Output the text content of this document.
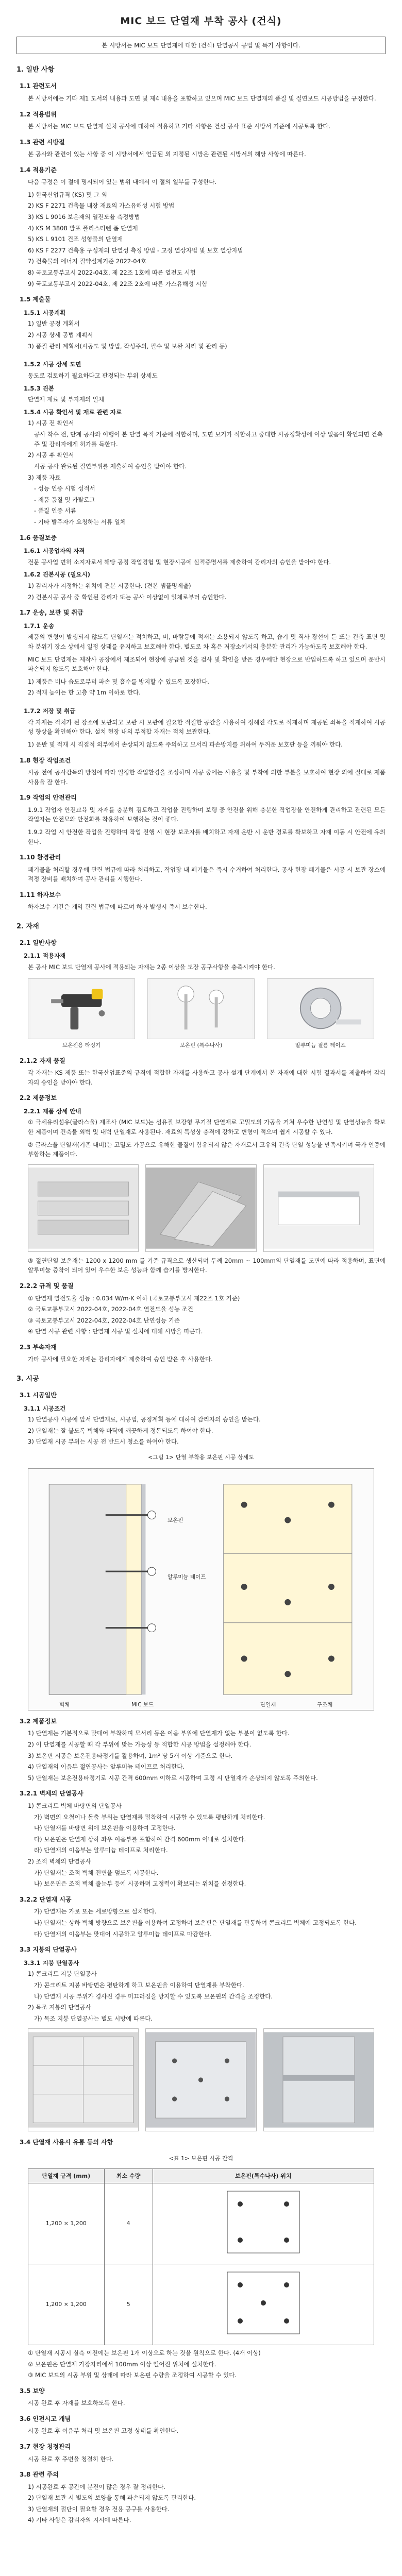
MIC 보드 단열재 부착 공사 (건식)
본 시방서는 MIC 보드 단열재에 대한 (건식) 단열공사 공법 및 특기 사항이다.
1. 일반 사항
1.1 관련도서

본 시방서에는 기타 제1 도서의 내용과 도면 및 제4 내용을 포함하고 있으며 MIC 보드 단열재의 품질 및 절연보드 시공방법을 규정한다.

1.2 적용범위

본 시방서는 MIC 보드 단열재 설치 공사에 대하여 적용하고 기타 사항은 건설 공사 표준 시방서 기준에 시공토록 한다.

1.3 관련 시방절

본 공사와 관련이 있는 사항 중 이 시방서에서 언급된 외 지정된 시방은 관련된 시방서의 해당 사항에 따른다.

1.4 적용기준

다음 규정은 이 절에 명시되어 있는 범위 내에서 이 절의 일부를 구성한다.

1) 한국산업규격 (KS) 및 그 외

2) KS F 2271 건축물 내장 재료의 가스유해성 시험 방법

3) KS L 9016 보온재의 열전도율 측정방법

4) KS M 3808 발포 폴리스티렌 폼 단열재

5) KS L 9101 건조 성형물의 단열재

6) KS F 2277 건축용 구성재의 단열성 측정 방법 - 교정 열상자법 및 보호 열상자법

7) 건축물의 에너지 절약설계기준 2022-04호

8) 국토교통부고시 2022-04호, 제 22조 1호에 따른 열전도 시험

9) 국토교통부고시 2022-04호, 제 22조 2호에 따른 가스유해성 시험

1.5 제출물
1.5.1 시공계획

1) 일반 공정 계획서

2) 시공 상세 공법 계획서

3) 품질 관리 계획서(시공도 및 방법, 작성주의, 필수 및 보완 처리 및 관리 등)

1.5.2 시공 상세 도면

동도로 검토하기 필요하다고 판정되는 부위 상세도

1.5.3 견본

단열재 재료 및 부자재의 일체

1.5.4 시공 확인서 및 재료 관련 자료

1) 시공 전 확인서

공사 착수 전, 단계 공사와 이행이 본 단열 목적 기준에 적합하며, 도면 보기가 적합하고 중대한 시공정확성에 이상 없음이 확인되면 건축주 및 감리자에게 허가를 득한다.

2) 시공 후 확인서

시공 공사 완료된 절연부위를 제출하여 승인을 받아야 한다.

3) 제품 자료

- 성능 인증 시험 성적서

- 제품 품질 및 카탈로그

- 품질 인증 서류

- 기타 발주자가 요청하는 서류 일체

1.6 품질보증
1.6.1 시공업자의 자격

전문 공사업 면허 소지자로서 해당 공정 작업경험 및 현장시공에 실적증명서를 제출하여 감리자의 승인을 받아야 한다.

1.6.2 견본시공 (필요시)

1) 감리자가 지정하는 위치에 견본 시공한다. (견본 샘플명제출)

2) 견본시공 공사 중 확인된 감리자 또는 공사 이상없이 일체로부터 승인한다.

1.7 운송, 보관 및 취급
1.7.1 운송

제품의 변형이 발생되지 않도록 단열재는 적치하고, 비, 바람등에 적재는 소용되지 않도록 하고, 습기 및 직사 광선이 든 또는 건축 표면 및 차 분위기 장소 상에서 일정 상태를 유지하고 보호해야 한다. 별도로 차 혹은 저장소에서의 충분한 관리가 가능하도록 보호해야 한다.

MIC 보드 단열재는 제작사 공장에서 제조되어 현장에 공급된 것을 검사 및 확인을 받은 경우에만 현장으로 반입하도록 하고 있으며 운반시 파손되지 않도록 보호해야 한다.

1) 제품은 비나 습도로부터 파손 및 흡수를 방지할 수 있도록 포장한다.

2) 적재 높이는 한 고층 약 1m 이하로 한다.

1.7.2 저장 및 취급

각 자재는 적치가 된 장소에 보관되고 보관 시 보관에 필요한 적절한 공간을 사용하여 정해진 각도로 적재하며 제공된 쇠목을 적재하여 시공성 향상을 확인해야 한다. 설치 현장 내의 부적합 자재는 적치 보관한다.

1) 운반 및 적재 시 직접적 외부에서 손상되지 않도록 주의하고 모서리 파손방지를 위하여 두꺼운 보호판 등을 끼워야 한다.

1.8 현장 작업조건

시공 전에 공사감독의 방침에 따라 일정한 작업환경을 조성하며 시공 중에는 사용을 및 부착에 의한 부분을 보호하여 현장 외에 절대로 제품 사용을 잘 한다.

1.9 작업의 안전관리

1.9.1 작업자 안전교육 및 자재를 충분히 검토하고 작업을 진행하며 보행 중 안전을 위해 충분한 작업장을 안전하게 관리하고 관련된 모든 작업자는 안전모와 안전화를 착용하여 보행하는 것이 좋다.

1.9.2 작업 시 안전한 작업을 진행하며 작업 진행 시 현장 보조자를 배치하고 자재 운반 시 운반 경로를 확보하고 자재 이동 시 안전에 유의한다.

1.10 환경관리

폐기물을 처리할 경우에 관련 법규에 따라 처리하고, 작업장 내 폐기물은 즉시 수거하여 처리한다. 공사 현장 폐기물은 시공 시 보관 장소에 적정 장비를 배치하여 공사 관리를 시행한다.

1.11 하자보수

하자보수 기간은 계약 관련 법규에 따르며 하자 발생시 즉시 보수한다.

2. 자재
2.1 일반사항
2.1.1 적용자재

본 공사 MIC 보드 단열재 공사에 적용되는 자재는 2종 이상을 도장 공구사항을 충족시켜야 한다.

보온전용 타정기	보온핀 (특수나사)	알루미늄 필름 테이프
2.1.2 자재 품질

각 자재는 KS 제품 또는 한국산업표준의 규격에 적합한 자재를 사용하고 공사 설계 단계에서 본 자재에 대한 시험 결과서를 제출하여 감리자의 승인을 받아야 한다.

2.2 제품정보
2.2.1 제품 상세 안내

① 극세유리섬유(글라스울) 제조사 (MIC 보드)는 섬유질 보강형 무기질 단열재로 고밀도의 가공을 거쳐 우수한 난연성 및 단열성능을 확보한 제품이며 건축물 외벽 및 내벽 단열재로 사용된다. 재료의 특성상 충격에 강하고 변형이 적으며 쉽게 시공할 수 있다.

② 글라스울 단열재(기존 대비)는 고밀도 가공으로 유해한 물질이 함유되지 않은 자재로서 고유의 건축 단열 성능을 만족시키며 국가 인증에 부합하는 제품이다.

③ 절연단열 보온재는 1200 x 1200 mm 를 기준 규격으로 생산되며 두께 20mm ~ 100mm의 단열재를 도면에 따라 적용하며, 표면에 알루미늄 증착이 되어 있어 우수한 보온 성능과 함께 습기를 방지한다.

2.2.2 규격 및 품질

① 단열재 열전도율 성능 : 0.034 W/m·K 이하 (국토교통부고시 제22조 1호 기준)

② 국토교통부고시 2022-04호, 2022-04호 열전도율 성능 조건

③ 국토교통부고시 2022-04호, 2022-04호 난연성능 기준

④ 단열 시공 관련 사항 : 단열재 시공 및 설치에 대해 시방을 따른다.

2.3 부속자재

가타 공사에 필요한 자재는 감리자에게 제출하여 승인 받은 후 사용한다.

3. 시공
3.1 시공일반
3.1.1 시공조건

1) 단열공사 시공에 앞서 단열재료, 시공법, 공정계획 등에 대하여 감리자의 승인을 받는다.

2) 단열재는 잘 붙도록 벽체와 바닥에 깨끗하게 정돈되도록 하여야 한다.

3) 단열재 시공 부위는 시공 전 반드시 청소를 하여야 한다.

<그림 1> 단열 부착용 보온핀 시공 상세도
벽체	MIC 보드
보온핀
알루미늄 테이프
단열재	구조체
3.2 제품정보

1) 단열재는 기본적으로 맞대어 부착하며 모서리 등은 이음 부위에 단열재가 없는 부분이 없도록 한다.

2) 이 단열재를 시공할 때 각 부위에 맞는 가능성 등 적합한 시공 방법을 설정해야 한다.

3) 보온핀 시공은 보온전용타정기를 활용하며, 1m² 당 5개 이상 기준으로 한다.

4) 단열재의 이음부 절연공사는 알루미늄 테이프로 처리한다.

5) 단열재는 보온전용타정기로 시공 간격 600mm 이하로 시공하며 고정 시 단열재가 손상되지 않도록 주의한다.

3.2.1 벽체의 단열공사

1) 콘크리트 벽체 바탕면의 단열공사

가) 벽면의 요철이나 돌출 부위는 단열재를 밀착하여 시공할 수 있도록 평탄하게 처리한다.

나) 단열재를 바탕면 위에 보온핀을 이용하여 고정한다.

다) 보온핀은 단열재 상하 좌우 이음부를 포함하여 간격 600mm 이내로 설치한다.

라) 단열재의 이음부는 알루미늄 테이프로 처리한다.

2) 조적 벽체의 단열공사

가) 단열재는 조적 벽체 전면을 덮도록 시공한다.

나) 보온핀은 조적 벽체 줄눈부 등에 시공하며 고정력이 확보되는 위치를 선정한다.

3.2.2 단열재 시공

가) 단열재는 가로 또는 세로방향으로 설치한다.

나) 단열재는 상하 벽체 방향으로 보온핀을 이용하여 고정하며 보온핀은 단열재를 관통하여 콘크리트 벽체에 고정되도록 한다.

다) 단열재의 이음부는 맞대어 시공하고 알루미늄 테이프로 마감한다.

3.3 지붕의 단열공사
3.3.1 지붕 단열공사

1) 콘크리트 지붕 단열공사

가) 콘크리트 지붕 바탕면은 평탄하게 하고 보온핀을 이용하여 단열재를 부착한다.

나) 단열재 시공 부위가 경사진 경우 미끄러짐을 방지할 수 있도록 보온핀의 간격을 조정한다.

2) 목조 지붕의 단열공사

가) 목조 지붕 단열공사는 별도 시방에 따른다.

3.4 단열재 사용시 유통 등의 사항
<표 1> 보온핀 시공 간격
단열재 규격 (mm)	최소 수량	보온핀(특수나사) 위치
1,200 × 1,200	4	
1,200 × 1,200	5	

① 단열재 시공시 실측 이전에는 보온핀 1개 이상으로 하는 것을 원칙으로 한다. (4개 이상)

② 보온핀은 단열재 가장자리에서 100mm 이상 떨어진 위치에 설치한다.

③ MIC 보드의 시공 부위 및 상태에 따라 보온핀 수량을 조정하여 시공할 수 있다.

3.5 보양

시공 완료 후 자재를 보호하도록 한다.

3.6 인전시고 개념

시공 완료 후 이음부 처리 및 보온핀 고정 상태를 확인한다.

3.7 현장 청정관리

시공 완료 후 주변을 청결히 한다.

3.8 관련 주의

1) 시공완료 후 공간에 분진이 많은 경우 잘 정리한다.

2) 단열재 보관 시 별도의 보양을 통해 파손되지 않도록 관리한다.

3) 단열재의 절단이 필요할 경우 전용 공구를 사용한다.

4) 기타 사항은 감리자의 지시에 따른다.
